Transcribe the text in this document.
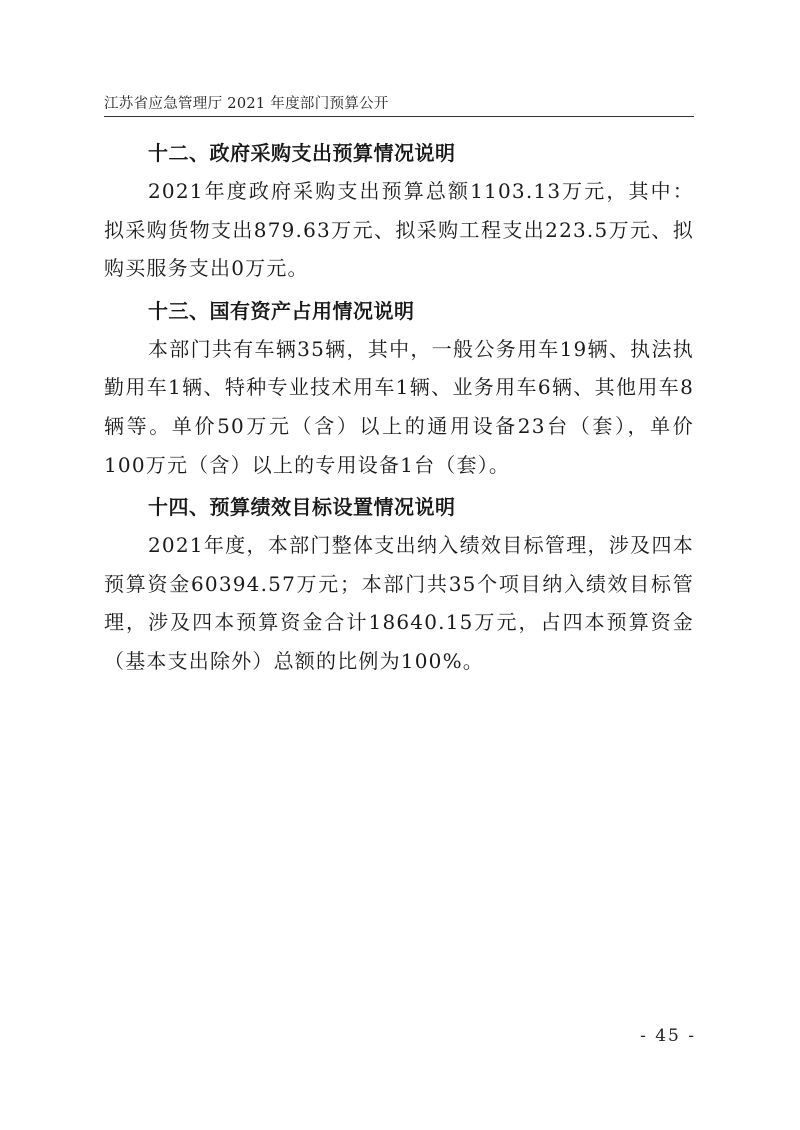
江苏省应急管理厅 2021 年度部门预算公开

十二、政府采购支出预算情况说明

2021年度政府采购支出预算总额1103.13万元，其中：拟采购货物支出879.63万元、拟采购工程支出223.5万元、拟购买服务支出0万元。

十三、国有资产占用情况说明

本部门共有车辆35辆，其中，一般公务用车19辆、执法执勤用车1辆、特种专业技术用车1辆、业务用车6辆、其他用车8辆等。单价50万元（含）以上的通用设备23台（套），单价100万元（含）以上的专用设备1台（套）。

十四、预算绩效目标设置情况说明

2021年度，本部门整体支出纳入绩效目标管理，涉及四本预算资金60394.57万元；本部门共35个项目纳入绩效目标管理，涉及四本预算资金合计18640.15万元，占四本预算资金（基本支出除外）总额的比例为100%。

- 45 -
